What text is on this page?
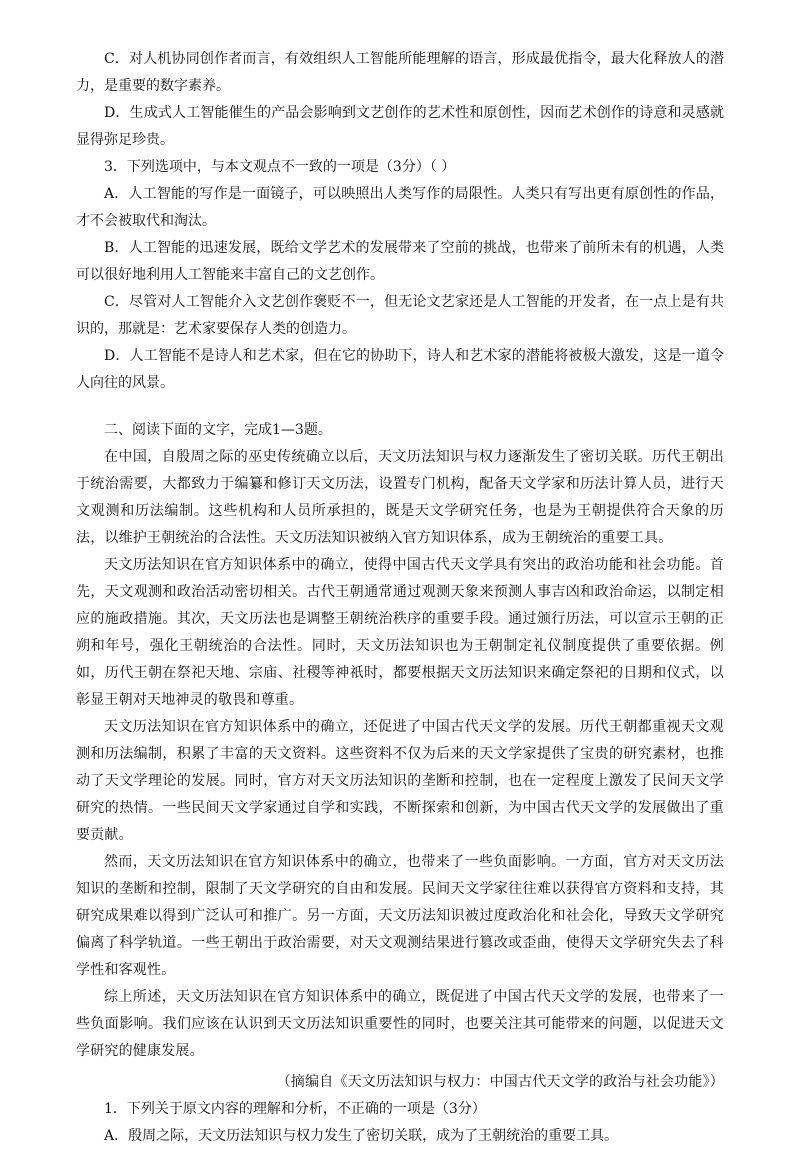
C．对人机协同创作者而言，有效组织人工智能所能理解的语言，形成最优指令，最大化释放人的潜力，是重要的数字素养。

D．生成式人工智能催生的产品会影响到文艺创作的艺术性和原创性，因而艺术创作的诗意和灵感就显得弥足珍贵。

3．下列选项中，与本文观点不一致的一项是（3分）（ ）

A．人工智能的写作是一面镜子，可以映照出人类写作的局限性。人类只有写出更有原创性的作品，才不会被取代和淘汰。

B．人工智能的迅速发展，既给文学艺术的发展带来了空前的挑战，也带来了前所未有的机遇，人类可以很好地利用人工智能来丰富自己的文艺创作。

C．尽管对人工智能介入文艺创作褒贬不一，但无论文艺家还是人工智能的开发者，在一点上是有共识的，那就是：艺术家要保存人类的创造力。

D．人工智能不是诗人和艺术家，但在它的协助下，诗人和艺术家的潜能将被极大激发，这是一道令人向往的风景。

二、阅读下面的文字，完成1—3题。

在中国，自殷周之际的巫史传统确立以后，天文历法知识与权力逐渐发生了密切关联。历代王朝出于统治需要，大都致力于编纂和修订天文历法，设置专门机构，配备天文学家和历法计算人员，进行天文观测和历法编制。这些机构和人员所承担的，既是天文学研究任务，也是为王朝提供符合天象的历法，以维护王朝统治的合法性。天文历法知识被纳入官方知识体系，成为王朝统治的重要工具。

天文历法知识在官方知识体系中的确立，使得中国古代天文学具有突出的政治功能和社会功能。首先，天文观测和政治活动密切相关。古代王朝通常通过观测天象来预测人事吉凶和政治命运，以制定相应的施政措施。其次，天文历法也是调整王朝统治秩序的重要手段。通过颁行历法，可以宣示王朝的正朔和年号，强化王朝统治的合法性。同时，天文历法知识也为王朝制定礼仪制度提供了重要依据。例如，历代王朝在祭祀天地、宗庙、社稷等神祇时，都要根据天文历法知识来确定祭祀的日期和仪式，以彰显王朝对天地神灵的敬畏和尊重。

天文历法知识在官方知识体系中的确立，还促进了中国古代天文学的发展。历代王朝都重视天文观测和历法编制，积累了丰富的天文资料。这些资料不仅为后来的天文学家提供了宝贵的研究素材，也推动了天文学理论的发展。同时，官方对天文历法知识的垄断和控制，也在一定程度上激发了民间天文学研究的热情。一些民间天文学家通过自学和实践，不断探索和创新，为中国古代天文学的发展做出了重要贡献。

然而，天文历法知识在官方知识体系中的确立，也带来了一些负面影响。一方面，官方对天文历法知识的垄断和控制，限制了天文学研究的自由和发展。民间天文学家往往难以获得官方资料和支持，其研究成果难以得到广泛认可和推广。另一方面，天文历法知识被过度政治化和社会化，导致天文学研究偏离了科学轨道。一些王朝出于政治需要，对天文观测结果进行篡改或歪曲，使得天文学研究失去了科学性和客观性。

综上所述，天文历法知识在官方知识体系中的确立，既促进了中国古代天文学的发展，也带来了一些负面影响。我们应该在认识到天文历法知识重要性的同时，也要关注其可能带来的问题，以促进天文学研究的健康发展。

（摘编自《天文历法知识与权力：中国古代天文学的政治与社会功能》）

1．下列关于原文内容的理解和分析，不正确的一项是（3分）

A．殷周之际，天文历法知识与权力发生了密切关联，成为了王朝统治的重要工具。
